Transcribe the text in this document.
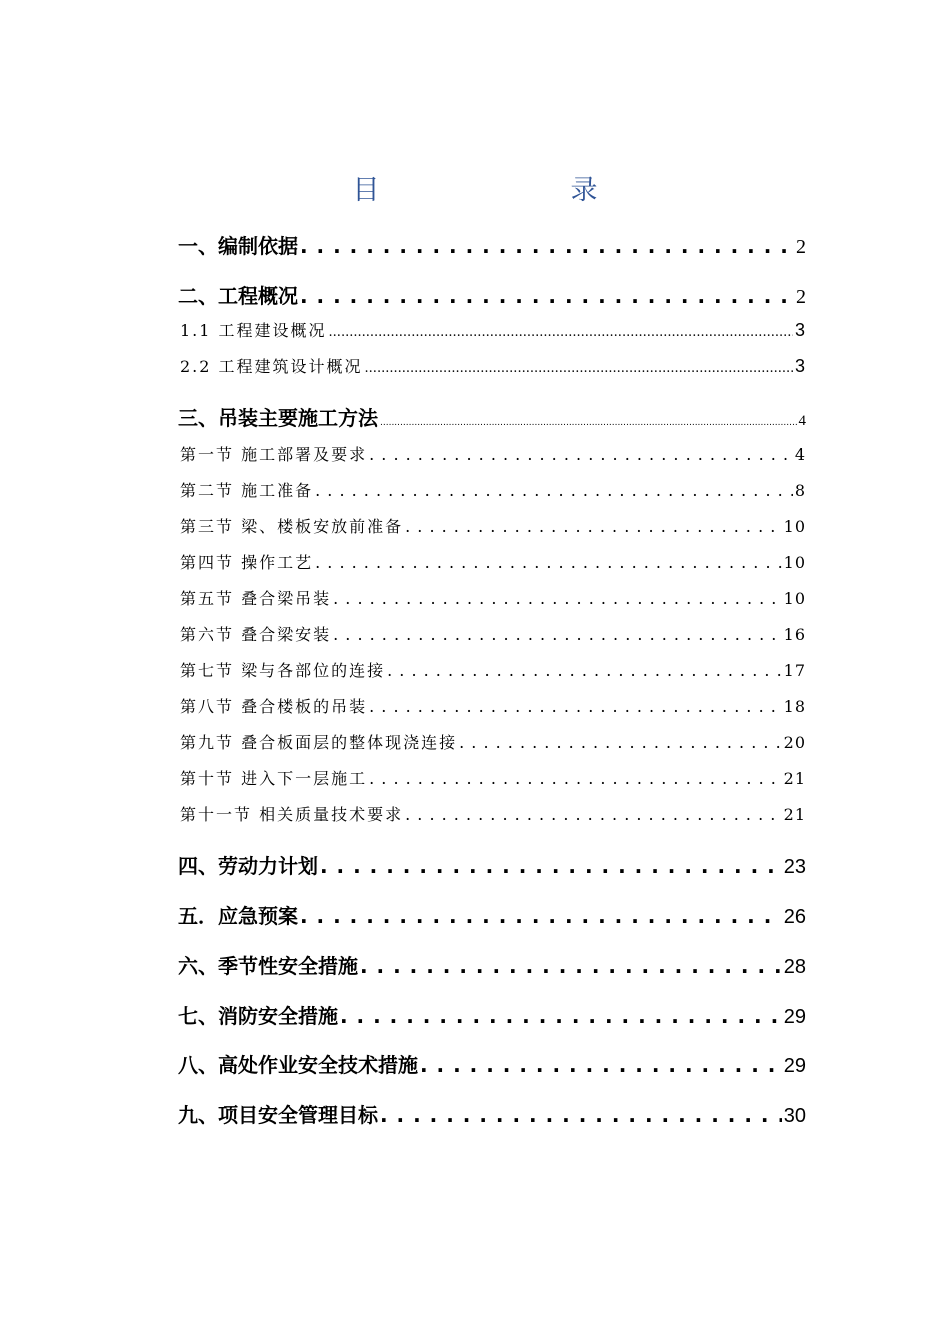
目　录
一、编制依据 . . .	2
二、工程概况 . . .	2
1.1 工程建设概况 .....	3
2.2 工程建筑设计概况 .....	3
三、吊装主要施工方法 .....	4
第一节 施工部署及要求 . . .	4
第二节 施工准备 . . .	8
第三节 梁、楼板安放前准备 . . .	10
第四节 操作工艺 . . .	10
第五节 叠合梁吊装 . . .	10
第六节 叠合梁安装 . . .	16
第七节 梁与各部位的连接 . . .	17
第八节 叠合楼板的吊装 . . .	18
第九节 叠合板面层的整体现浇连接 . . .	20
第十节 进入下一层施工 . . .	21
第十一节 相关质量技术要求 . . .	21
四、劳动力计划 . . .	23
五．应急预案 . . .	26
六、季节性安全措施 . . .	28
七、消防安全措施 . . .	29
八、高处作业安全技术措施 . . .	29
九、项目安全管理目标 . . .	30
